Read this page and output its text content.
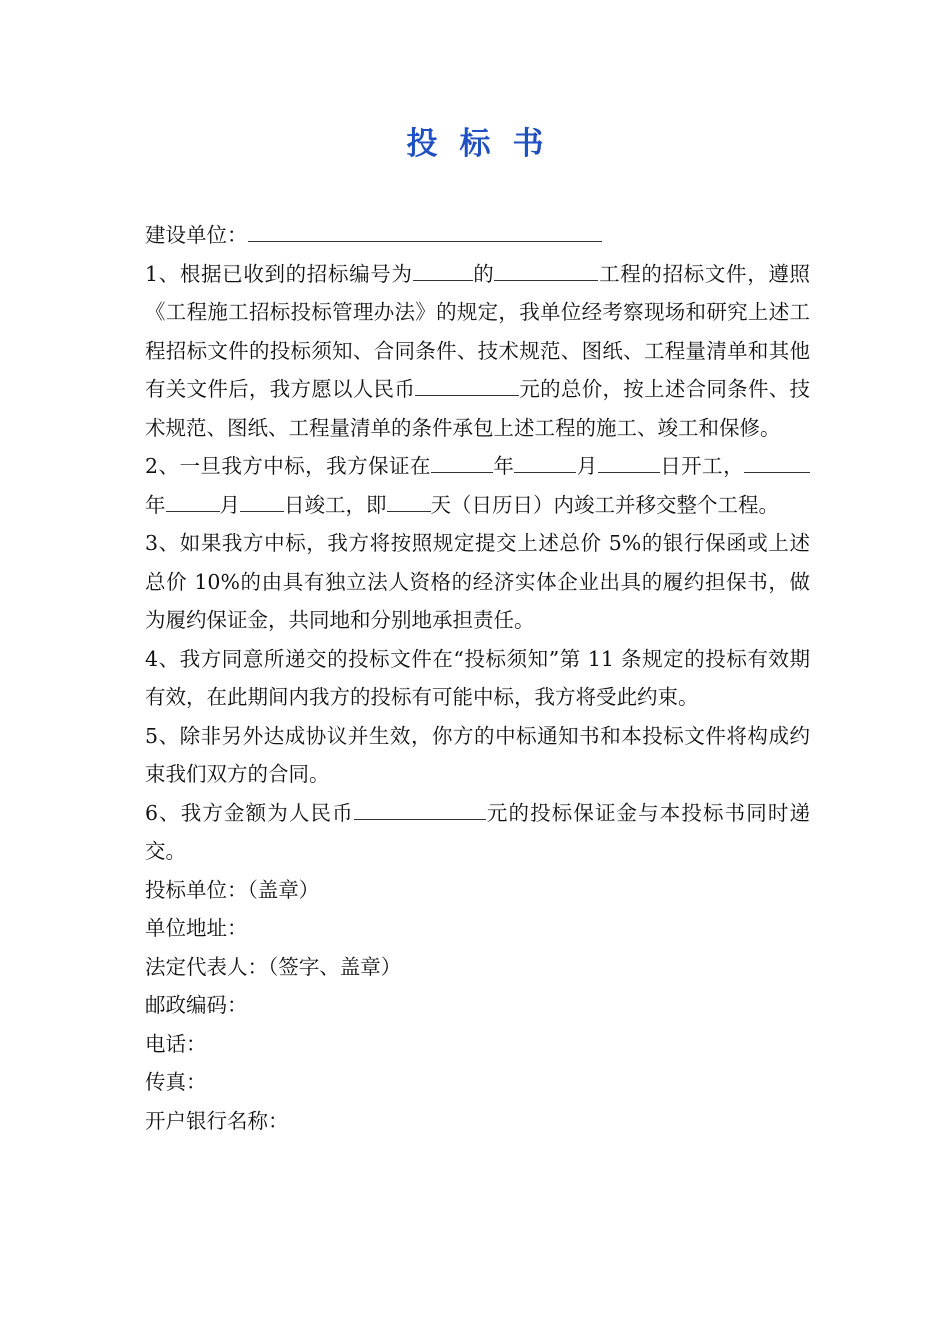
投标书
建设单位：
1、根据已收到的招标编号为	的	工程的招标文件，遵照《工程施工招标投标管理办法》的规定，我单位经考察现场和研究上述工程招标文件的投标须知、合同条件、技术规范、图纸、工程量清单和其他有关文件后，我方愿以人民币	元的总价，按上述合同条件、技术规范、图纸、工程量清单的条件承包上述工程的施工、竣工和保修。
2、一旦我方中标，我方保证在	年	月	日开工，年	月 日竣工，即 天（日历日）内竣工并移交整个工程。
3、如果我方中标，我方将按照规定提交上述总价 5%的银行保函或上述总价 10%的由具有独立法人资格的经济实体企业出具的履约担保书，做为履约保证金，共同地和分别地承担责任。
4、我方同意所递交的投标文件在“投标须知”第 11 条规定的投标有效期有效，在此期间内我方的投标有可能中标，我方将受此约束。
5、除非另外达成协议并生效，你方的中标通知书和本投标文件将构成约束我们双方的合同。
6、我方金额为人民币	元的投标保证金与本投标书同时递交。
投标单位：（盖章）
单位地址：
法定代表人：（签字、盖章）
邮政编码：
电话：
传真：
开户银行名称：
